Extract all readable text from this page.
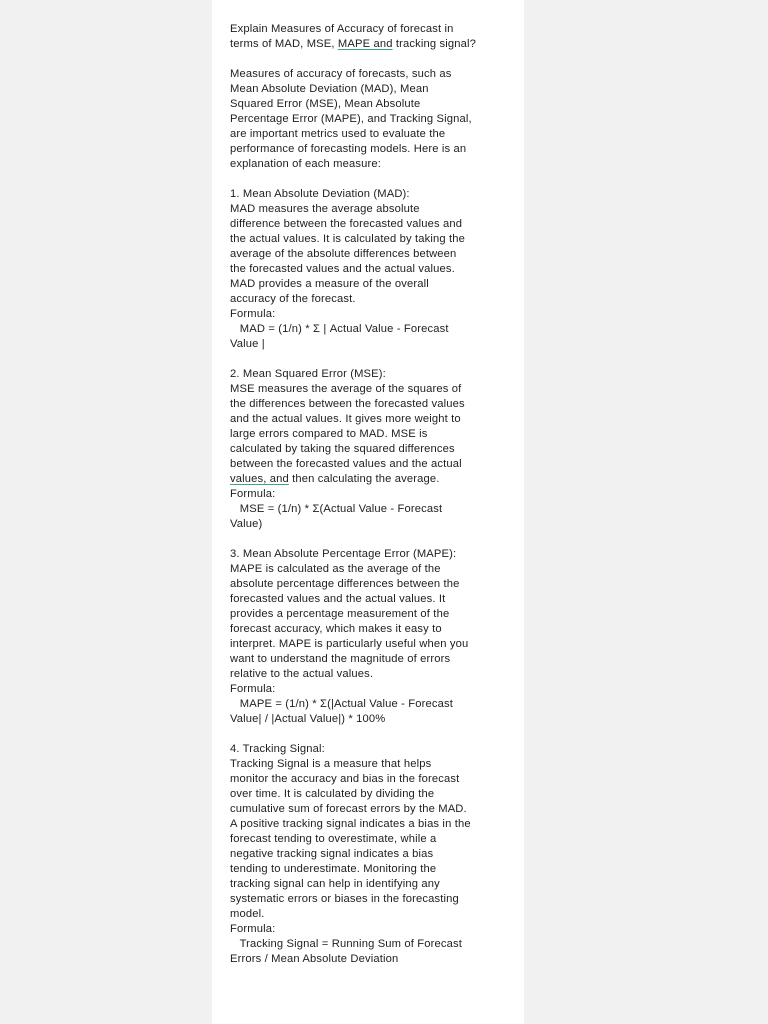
Explain Measures of Accuracy of forecast in
terms of MAD, MSE, MAPE and tracking signal?
Measures of accuracy of forecasts, such as
Mean Absolute Deviation (MAD), Mean
Squared Error (MSE), Mean Absolute
Percentage Error (MAPE), and Tracking Signal,
are important metrics used to evaluate the
performance of forecasting models. Here is an
explanation of each measure:
1. Mean Absolute Deviation (MAD):
MAD measures the average absolute
difference between the forecasted values and
the actual values. It is calculated by taking the
average of the absolute differences between
the forecasted values and the actual values.
MAD provides a measure of the overall
accuracy of the forecast.
Formula:
MAD = (1/n) * Σ | Actual Value - Forecast
Value |
2. Mean Squared Error (MSE):
MSE measures the average of the squares of
the differences between the forecasted values
and the actual values. It gives more weight to
large errors compared to MAD. MSE is
calculated by taking the squared differences
between the forecasted values and the actual
values, and then calculating the average.
Formula:
MSE = (1/n) * Σ(Actual Value - Forecast
Value)
3. Mean Absolute Percentage Error (MAPE):
MAPE is calculated as the average of the
absolute percentage differences between the
forecasted values and the actual values. It
provides a percentage measurement of the
forecast accuracy, which makes it easy to
interpret. MAPE is particularly useful when you
want to understand the magnitude of errors
relative to the actual values.
Formula:
MAPE = (1/n) * Σ(|Actual Value - Forecast
Value| / |Actual Value|) * 100%
4. Tracking Signal:
Tracking Signal is a measure that helps
monitor the accuracy and bias in the forecast
over time. It is calculated by dividing the
cumulative sum of forecast errors by the MAD.
A positive tracking signal indicates a bias in the
forecast tending to overestimate, while a
negative tracking signal indicates a bias
tending to underestimate. Monitoring the
tracking signal can help in identifying any
systematic errors or biases in the forecasting
model.
Formula:
Tracking Signal = Running Sum of Forecast
Errors / Mean Absolute Deviation
